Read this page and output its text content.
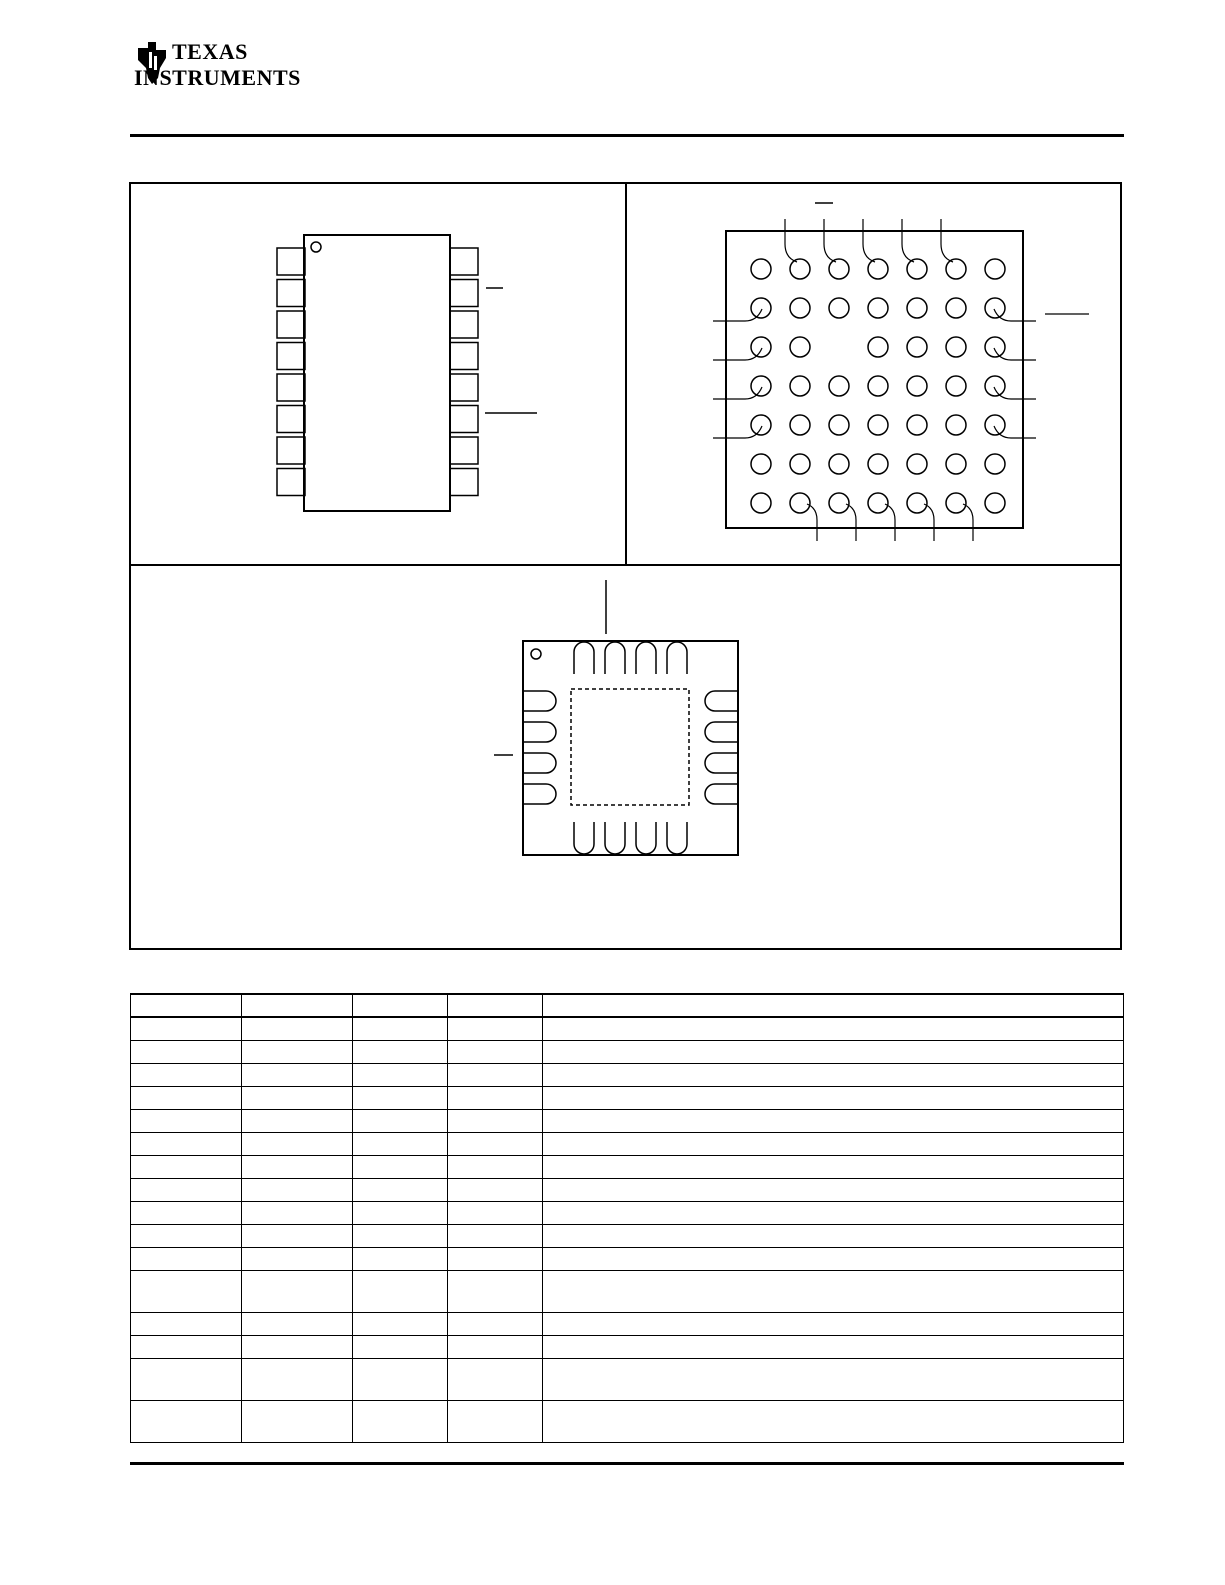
TEXAS
INSTRUMENTS
